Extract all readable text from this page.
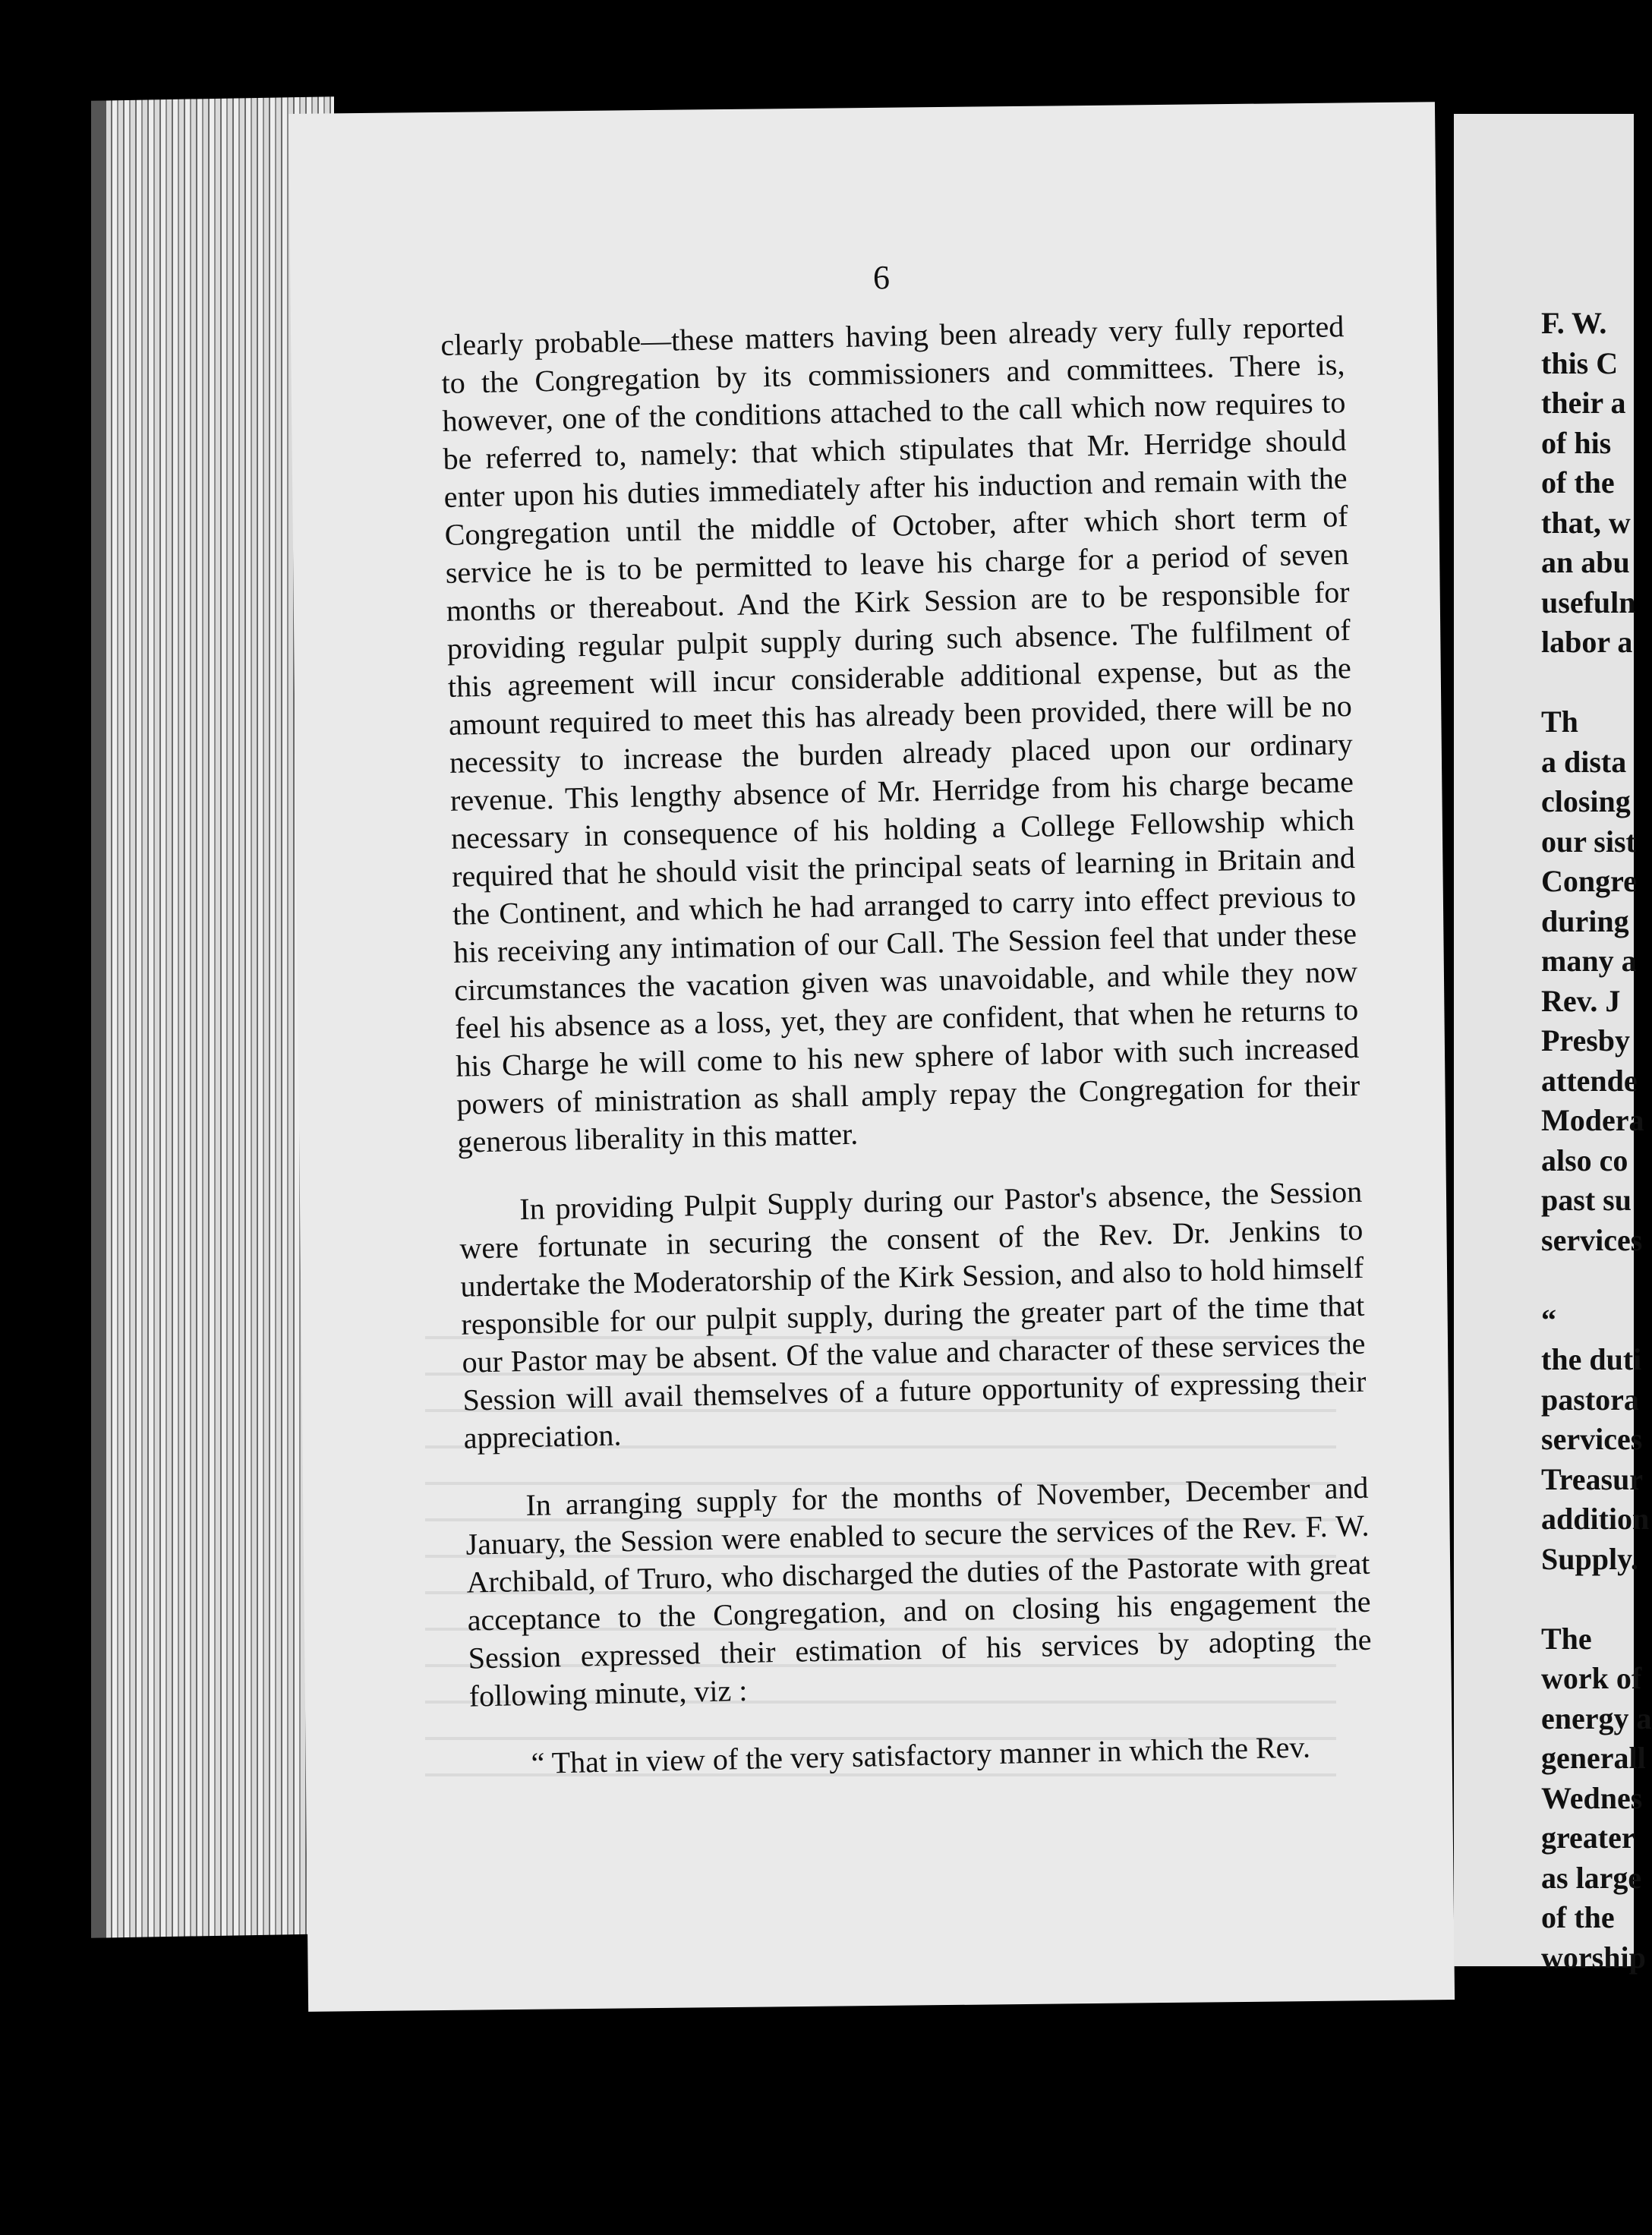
6

clearly probable—these matters having been already very fully reported to the Congregation by its commissioners and committees. There is, however, one of the conditions attached to the call which now requires to be referred to, namely: that which stipulates that Mr. Herridge should enter upon his duties immediately after his induction and remain with the Congregation until the middle of October, after which short term of service he is to be permitted to leave his charge for a period of seven months or thereabout. And the Kirk Session are to be responsible for providing regular pulpit supply during such absence. The fulfilment of this agreement will incur considerable additional expense, but as the amount required to meet this has already been provided, there will be no necessity to increase the burden already placed upon our ordinary revenue. This lengthy absence of Mr. Herridge from his charge became necessary in consequence of his holding a College Fellowship which required that he should visit the principal seats of learning in Britain and the Continent, and which he had arranged to carry into effect previous to his receiving any intimation of our Call. The Session feel that under these circumstances the vacation given was unavoidable, and while they now feel his absence as a loss, yet, they are confident, that when he returns to his Charge he will come to his new sphere of labor with such increased powers of ministration as shall amply repay the Congregation for their generous liberality in this matter.

In providing Pulpit Supply during our Pastor's absence, the Session were fortunate in securing the consent of the Rev. Dr. Jenkins to undertake the Moderatorship of the Kirk Session, and also to hold himself responsible for our pulpit supply, during the greater part of the time that our Pastor may be absent. Of the value and character of these services the Session will avail themselves of a future opportunity of expressing their appreciation.

In arranging supply for the months of November, December and January, the Session were enabled to secure the services of the Rev. F. W. Archibald, of Truro, who discharged the duties of the Pastorate with great acceptance to the Congregation, and on closing his engagement the Session expressed their estimation of his services by adopting the following minute, viz :

“ That in view of the very satisfactory manner in which the Rev.

F. W.
this C
their a
of his
of the
that, w
an abu
usefuln
labor a
Th
a dista
closing
our sist
Congre
during
many a
Rev. J
Presby
attende
Modera
also co
past su
services
“
the duti
pastora
services
Treasur
addition
Supply.
The
work of
energy a
generall
Wednes
greater
as large
of the
worship
